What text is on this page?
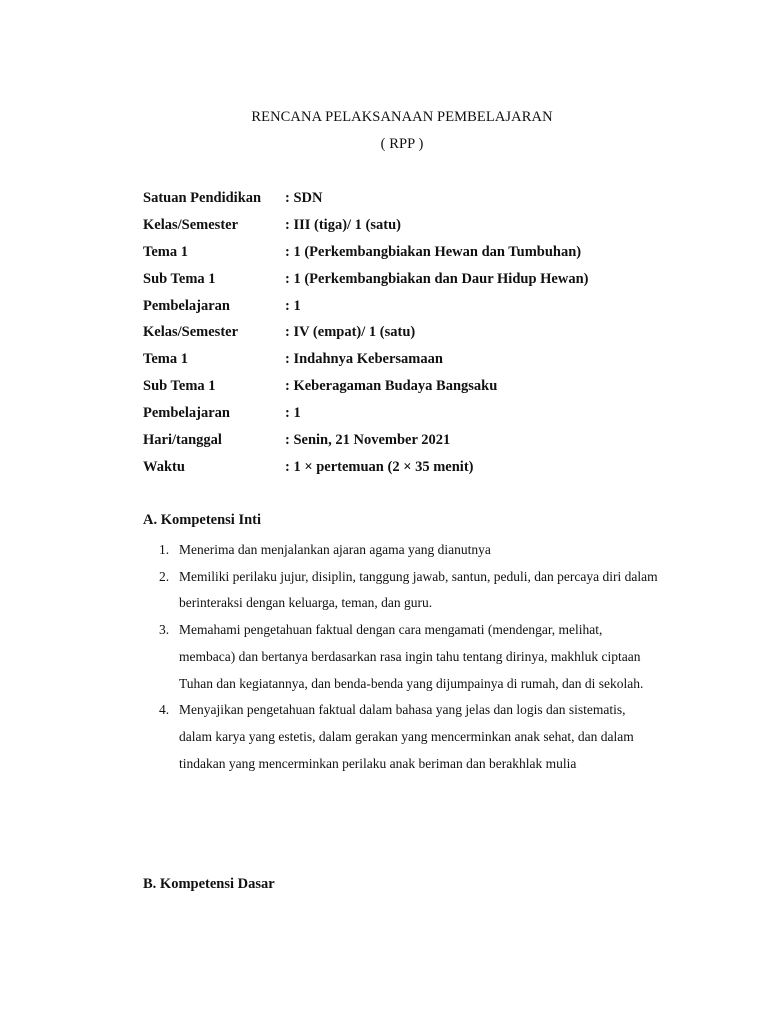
RENCANA PELAKSANAAN PEMBELAJARAN
( RPP )
Satuan Pendidikan : SDN
Kelas/Semester	: III (tiga)/ 1 (satu)
Tema 1	: 1 (Perkembangbiakan Hewan dan Tumbuhan)
Sub Tema 1	: 1 (Perkembangbiakan dan Daur Hidup Hewan)
Pembelajaran	: 1
Kelas/Semester	: IV (empat)/ 1 (satu)
Tema 1	: Indahnya Kebersamaan
Sub Tema 1	: Keberagaman Budaya Bangsaku
Pembelajaran	: 1
Hari/tanggal	: Senin, 21 November 2021
Waktu	: 1 × pertemuan (2 × 35 menit)
A. Kompetensi Inti
1. Menerima dan menjalankan ajaran agama yang dianutnya
2. Memiliki perilaku jujur, disiplin, tanggung jawab, santun, peduli, dan percaya diri dalam berinteraksi dengan keluarga, teman, dan guru.
3. Memahami pengetahuan faktual dengan cara mengamati (mendengar, melihat, membaca) dan bertanya berdasarkan rasa ingin tahu tentang dirinya, makhluk ciptaan Tuhan dan kegiatannya, dan benda-benda yang dijumpainya di rumah, dan di sekolah.
4. Menyajikan pengetahuan faktual dalam bahasa yang jelas dan logis dan sistematis, dalam karya yang estetis, dalam gerakan yang mencerminkan anak sehat, dan dalam tindakan yang mencerminkan perilaku anak beriman dan berakhlak mulia
B. Kompetensi Dasar
